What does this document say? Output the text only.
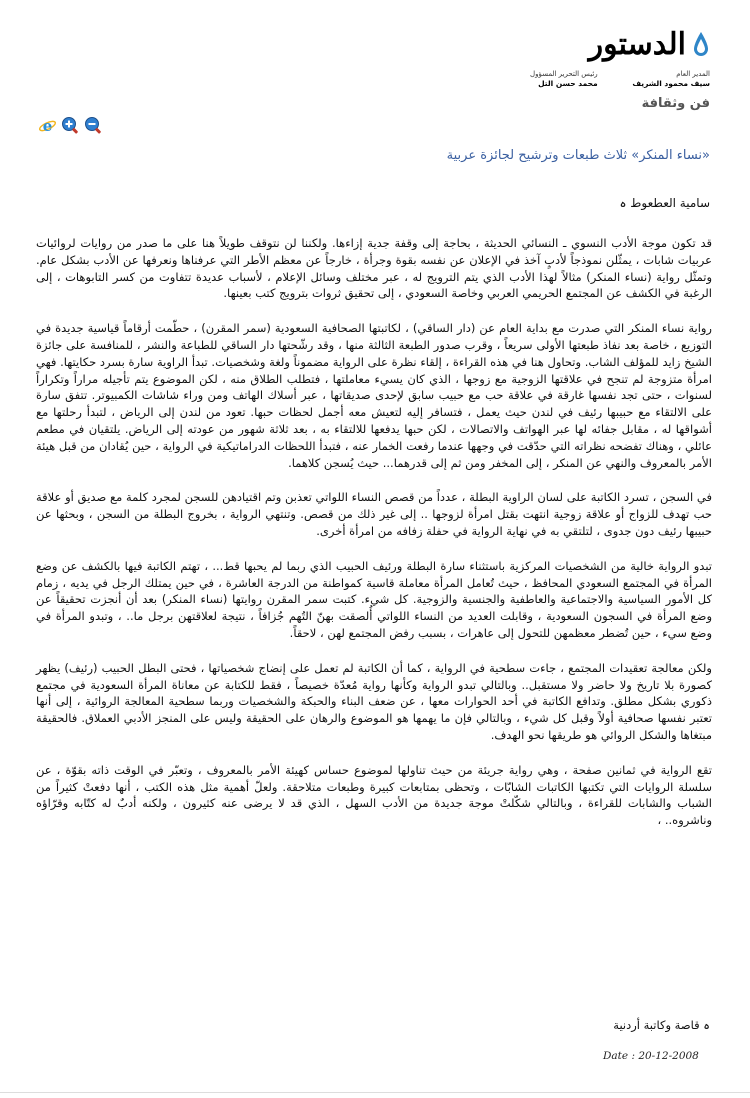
الدستور
المدير العام
سيف محمود الشريف
رئيس التحرير المسؤول
محمد حسن التل
فن وثقافة
e
«نساء المنكر» ثلاث طبعات وترشيح لجائزة عربية
سامية العطعوط ہ

قد تكون موجة الأدب النسوي ـ النسائي الحديثة ، بحاجة إلى وقفة جدية إزاءها. ولكننا لن نتوقف طويلاً هنا على ما صدر من روايات لروائيات عربيات شابات ، يمثّلن نموذجاً لأدبٍ آخذ في الإعلان عن نفسه بقوة وجرأة ، خارجاً عن معظم الأطر التي عرفناها ونعرفها عن الأدب بشكل عام. وتمثّل رواية (نساء المنكر) مثالاً لهذا الأدب الذي يتم الترويج له ، عبر مختلف وسائل الإعلام ، لأسباب عديدة تتفاوت من كسر التابوهات ، إلى الرغبة في الكشف عن المجتمع الحريمي العربي وخاصة السعودي ، إلى تحقيق ثروات بترويج كتب بعينها.

رواية نساء المنكر التي صدرت مع بداية العام عن (دار الساقي) ، لكاتبتها الصحافية السعودية (سمر المقرن) ، حطّمت أرقاماً قياسية جديدة في التوزيع ، خاصة بعد نفاذ طبعتها الأولى سريعاً ، وقرب صدور الطبعة الثالثة منها ، وقد رشّحتها دار الساقي للطباعة والنشر ، للمنافسة على جائزة الشيخ زايد للمؤلف الشاب. وتحاول هنا في هذه القراءة ، إلقاء نظرة على الرواية مضموناً ولغة وشخصيات. تبدأ الراوية سارة بسرد حكايتها. فهي امرأة متزوجة لم تنجح في علاقتها الزوجية مع زوجها ، الذي كان يسيء معاملتها ، فتطلب الطلاق منه ، لكن الموضوع يتم تأجيله مراراً وتكراراً لسنوات ، حتى تجد نفسها غارقة في علاقة حب مع حبيب سابق لإحدى صديقاتها ، عبر أسلاك الهاتف ومن وراء شاشات الكمبيوتر. تتفق سارة على الالتقاء مع حبيبها رئيف في لندن حيث يعمل ، فتسافر إليه لتعيش معه أجمل لحظات حبها. تعود من لندن إلى الرياض ، لتبدأ رحلتها مع أشواقها له ، مقابل جفائه لها عبر الهواتف والاتصالات ، لكن حبها يدفعها للالتقاء به ، بعد ثلاثة شهور من عودته إلى الرياض. يلتقيان في مطعم عائلي ، وهناك تفضحه نظراته التي حدّقت في وجهها عندما رفعت الخمار عنه ، فتبدأ اللحظات الدراماتيكية في الرواية ، حين يُقادان من قبل هيئة الأمر بالمعروف والنهي عن المنكر ، إلى المخفر ومن ثم إلى قدرهما... حيث يُسجن كلاهما.

في السجن ، تسرد الكاتبة على لسان الراوية البطلة ، عدداً من قصص النساء اللواتي تعذبن وتم اقتيادهن للسجن لمجرد كلمة مع صديق أو علاقة حب تهدف للزواج أو علاقة زوجية انتهت بقتل امرأة لزوجها .. إلى غير ذلك من قصص. وتنتهي الرواية ، بخروج البطلة من السجن ، وبحثها عن حبيبها رئيف دون جدوى ، لتلتقي به في نهاية الرواية في حفلة زفافه من امرأة أخرى.

تبدو الرواية خالية من الشخصيات المركزية باستثناء سارة البطلة ورئيف الحبيب الذي ربما لم يحبها قط... ، تهتم الكاتبة فيها بالكشف عن وضع المرأة في المجتمع السعودي المحافظ ، حيث تُعامل المرأة معاملة قاسية كمواطنة من الدرجة العاشرة ، في حين يمتلك الرجل في يديه ، زمام كل الأمور السياسية والاجتماعية والعاطفية والجنسية والزوجية. كل شيء. كتبت سمر المقرن روايتها (نساء المنكر) بعد أن أنجزت تحقيقاً عن وضع المرأة في السجون السعودية ، وقابلت العديد من النساء اللواتي أُلصقت بهنّ التُهم جُزافاً ، نتيجة لعلاقتهن برجل ما.. ، وتبدو المرأة في وضع سيء ، حين تُضطر معظمهن للتحول إلى عاهرات ، بسبب رفض المجتمع لهن ، لاحقاً.

ولكن معالجة تعقيدات المجتمع ، جاءت سطحية في الرواية ، كما أن الكاتبة لم تعمل على إنضاج شخصياتها ، فحتى البطل الحبيب (رئيف) يظهر كصورة بلا تاريخ ولا حاضر ولا مستقبل.. وبالتالي تبدو الرواية وكأنها رواية مُعدّة خصيصاً ، فقط للكتابة عن معاناة المرأة السعودية في مجتمع ذكوري بشكل مطلق. وتدافع الكاتبة في أحد الحوارات معها ، عن ضعف البناء والحبكة والشخصيات وربما سطحية المعالجة الروائية ، إلى أنها تعتبر نفسها صحافية أولاً وقبل كل شيء ، وبالتالي فإن ما يهمها هو الموضوع والرهان على الحقيقة وليس على المنجز الأدبي العملاق. فالحقيقة مبتغاها والشكل الروائي هو طريقها نحو الهدف.

تقع الرواية في ثمانين صفحة ، وهي رواية جريئة من حيث تناولها لموضوع حساس كهيئة الأمر بالمعروف ، وتعبّر في الوقت ذاته بقوّة ، عن سلسلة الروايات التي تكتبها الكاتبات الشابّات ، وتحظى بمتابعات كبيرة وطبعات متلاحقة. ولعلّ أهمية مثل هذه الكتب ، أنها دفعتْ كثيراً من الشباب والشابات للقراءة ، وبالتالي شكّلتْ موجة جديدة من الأدب السهل ، الذي قد لا يرضى عنه كثيرون ، ولكنه أدبٌ له كتّابه وقرّاؤه وناشروه.. ،

ہ قاصة وكاتبة أردنية
Date : 20-12-2008
